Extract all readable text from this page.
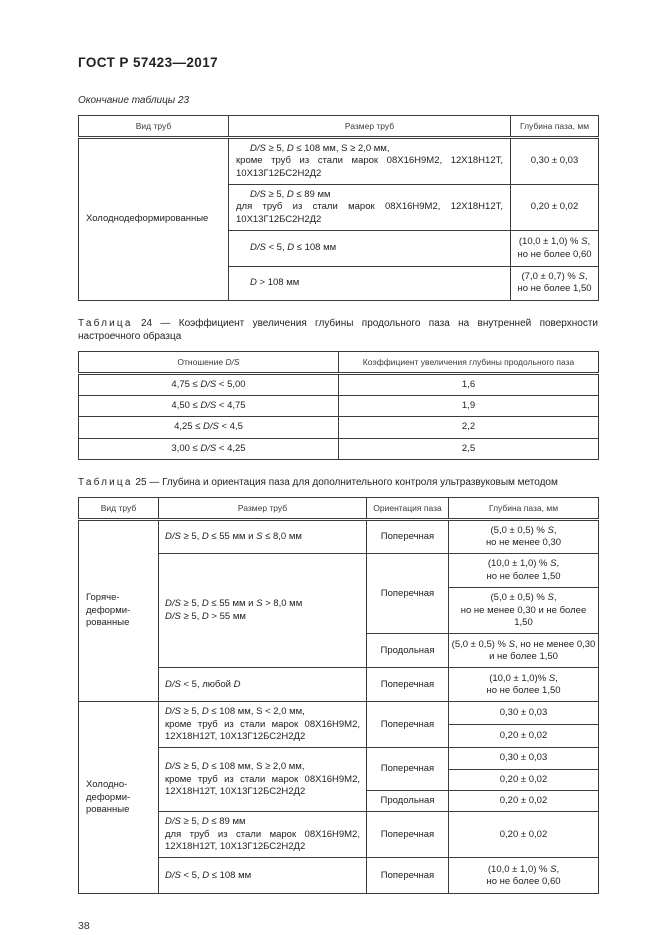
ГОСТ Р 57423—2017
Окончание таблицы 23
Вид труб	Размер труб	Глубина паза, мм
Холоднодеформированные	D/S ≥ 5, D ≤ 108 мм, S ≥ 2,0 мм,
кроме труб из стали марок 08Х16Н9М2, 12Х18Н12Т, 10Х13Г12БС2Н2Д2	0,30 ± 0,03
	D/S ≥ 5, D ≤ 89 мм
для труб из стали марок 08Х16Н9М2, 12Х18Н12Т, 10Х13Г12БС2Н2Д2	0,20 ± 0,02
	D/S < 5, D ≤ 108 мм	(10,0 ± 1,0) % S,
но не более 0,60
	D > 108 мм	(7,0 ± 0,7) % S,
но не более 1,50

Таблица 24 — Коэффициент увеличения глубины продольного паза на внутренней поверхности настроечного образца

Отношение D/S	Коэффициент увеличения глубины продольного паза
4,75 ≤ D/S < 5,00	1,6
4,50 ≤ D/S < 4,75	1,9
4,25 ≤ D/S < 4,5	2,2
3,00 ≤ D/S < 4,25	2,5

Таблица 25 — Глубина и ориентация паза для дополнительного контроля ультразвуковым методом

Вид труб	Размер труб	Ориентация паза	Глубина паза, мм
Горяче-
деформи-
рованные	D/S ≥ 5, D ≤ 55 мм и S ≤ 8,0 мм	Поперечная	(5,0 ± 0,5) % S,
но не менее 0,30
	D/S ≥ 5, D ≤ 55 мм и S > 8,0 мм
D/S ≥ 5, D > 55 мм	Поперечная	(10,0 ± 1,0) % S,
но не более 1,50
			(5,0 ± 0,5) % S,
но не менее 0,30 и не более 1,50
		Продольная	(5,0 ± 0,5) % S, но не менее 0,30
и не более 1,50
	D/S < 5, любой D	Поперечная	(10,0 ± 1,0)% S,
но не более 1,50
Холодно-
деформи-
рованные	D/S ≥ 5, D ≤ 108 мм, S < 2,0 мм,
кроме труб из стали марок 08Х16Н9М2, 12Х18Н12Т, 10Х13Г12БС2Н2Д2	Поперечная	0,30 ± 0,03
			0,20 ± 0,02
	D/S ≥ 5, D ≤ 108 мм, S ≥ 2,0 мм,
кроме труб из стали марок 08Х16Н9М2, 12Х18Н12Т, 10Х13Г12БС2Н2Д2	Поперечная	0,30 ± 0,03
			0,20 ± 0,02
		Продольная	0,20 ± 0,02
	D/S ≥ 5, D ≤ 89 мм
для труб из стали марок 08Х16Н9М2, 12Х18Н12Т, 10Х13Г12БС2Н2Д2	Поперечная	0,20 ± 0,02
	D/S < 5, D ≤ 108 мм	Поперечная	(10,0 ± 1,0) % S,
но не более 0,60
38
